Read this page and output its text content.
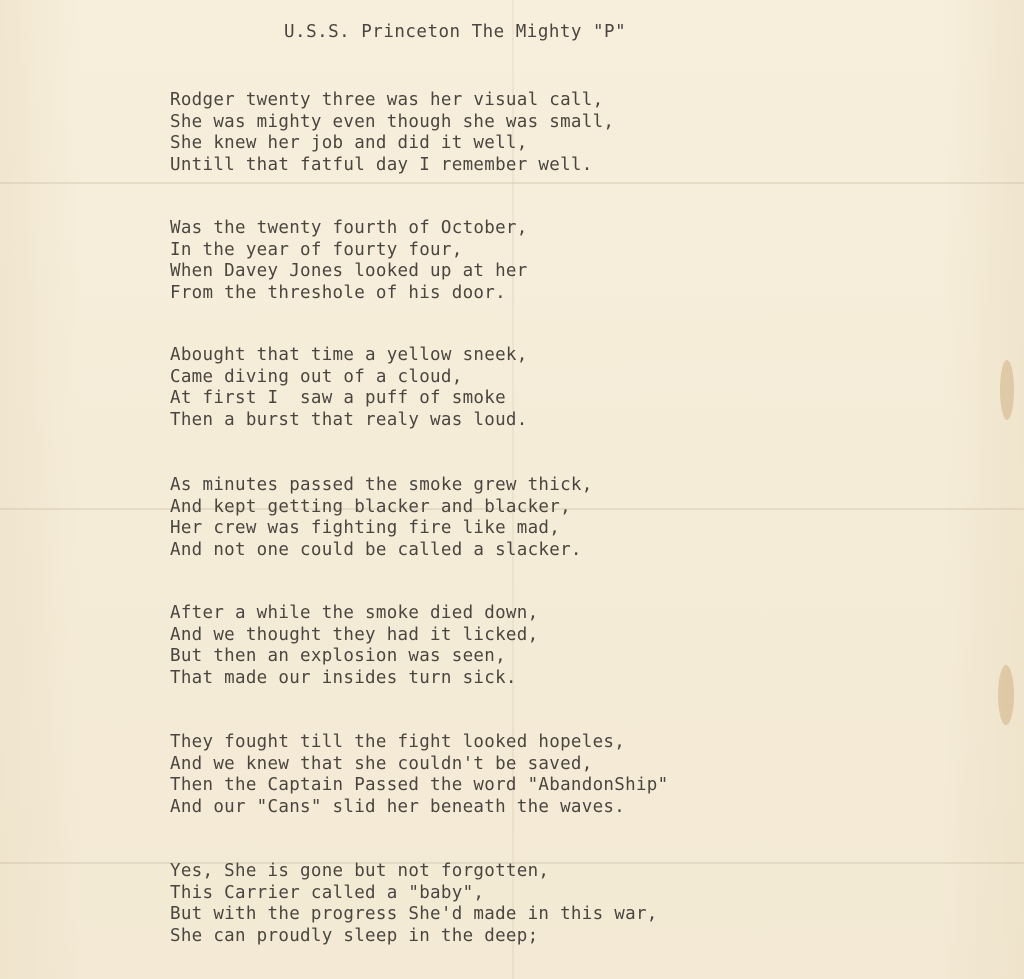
U.S.S. Princeton The Mighty "P"
Rodger twenty three was her visual call,
She was mighty even though she was small,
She knew her job and did it well,
Untill that fatful day I remember well.
Was the twenty fourth of October,
In the year of fourty four,
When Davey Jones looked up at her
From the threshole of his door.
Abought that time a yellow sneek,
Came diving out of a cloud,
At first I  saw a puff of smoke
Then a burst that realy was loud.
As minutes passed the smoke grew thick,
And kept getting blacker and blacker,
Her crew was fighting fire like mad,
And not one could be called a slacker.
After a while the smoke died down,
And we thought they had it licked,
But then an explosion was seen,
That made our insides turn sick.
They fought till the fight looked hopeles,
And we knew that she couldn't be saved,
Then the Captain Passed the word "AbandonShip"
And our "Cans" slid her beneath the waves.
Yes, She is gone but not forgotten,
This Carrier called a "baby",
But with the progress She'd made in this war,
She can proudly sleep in the deep;
